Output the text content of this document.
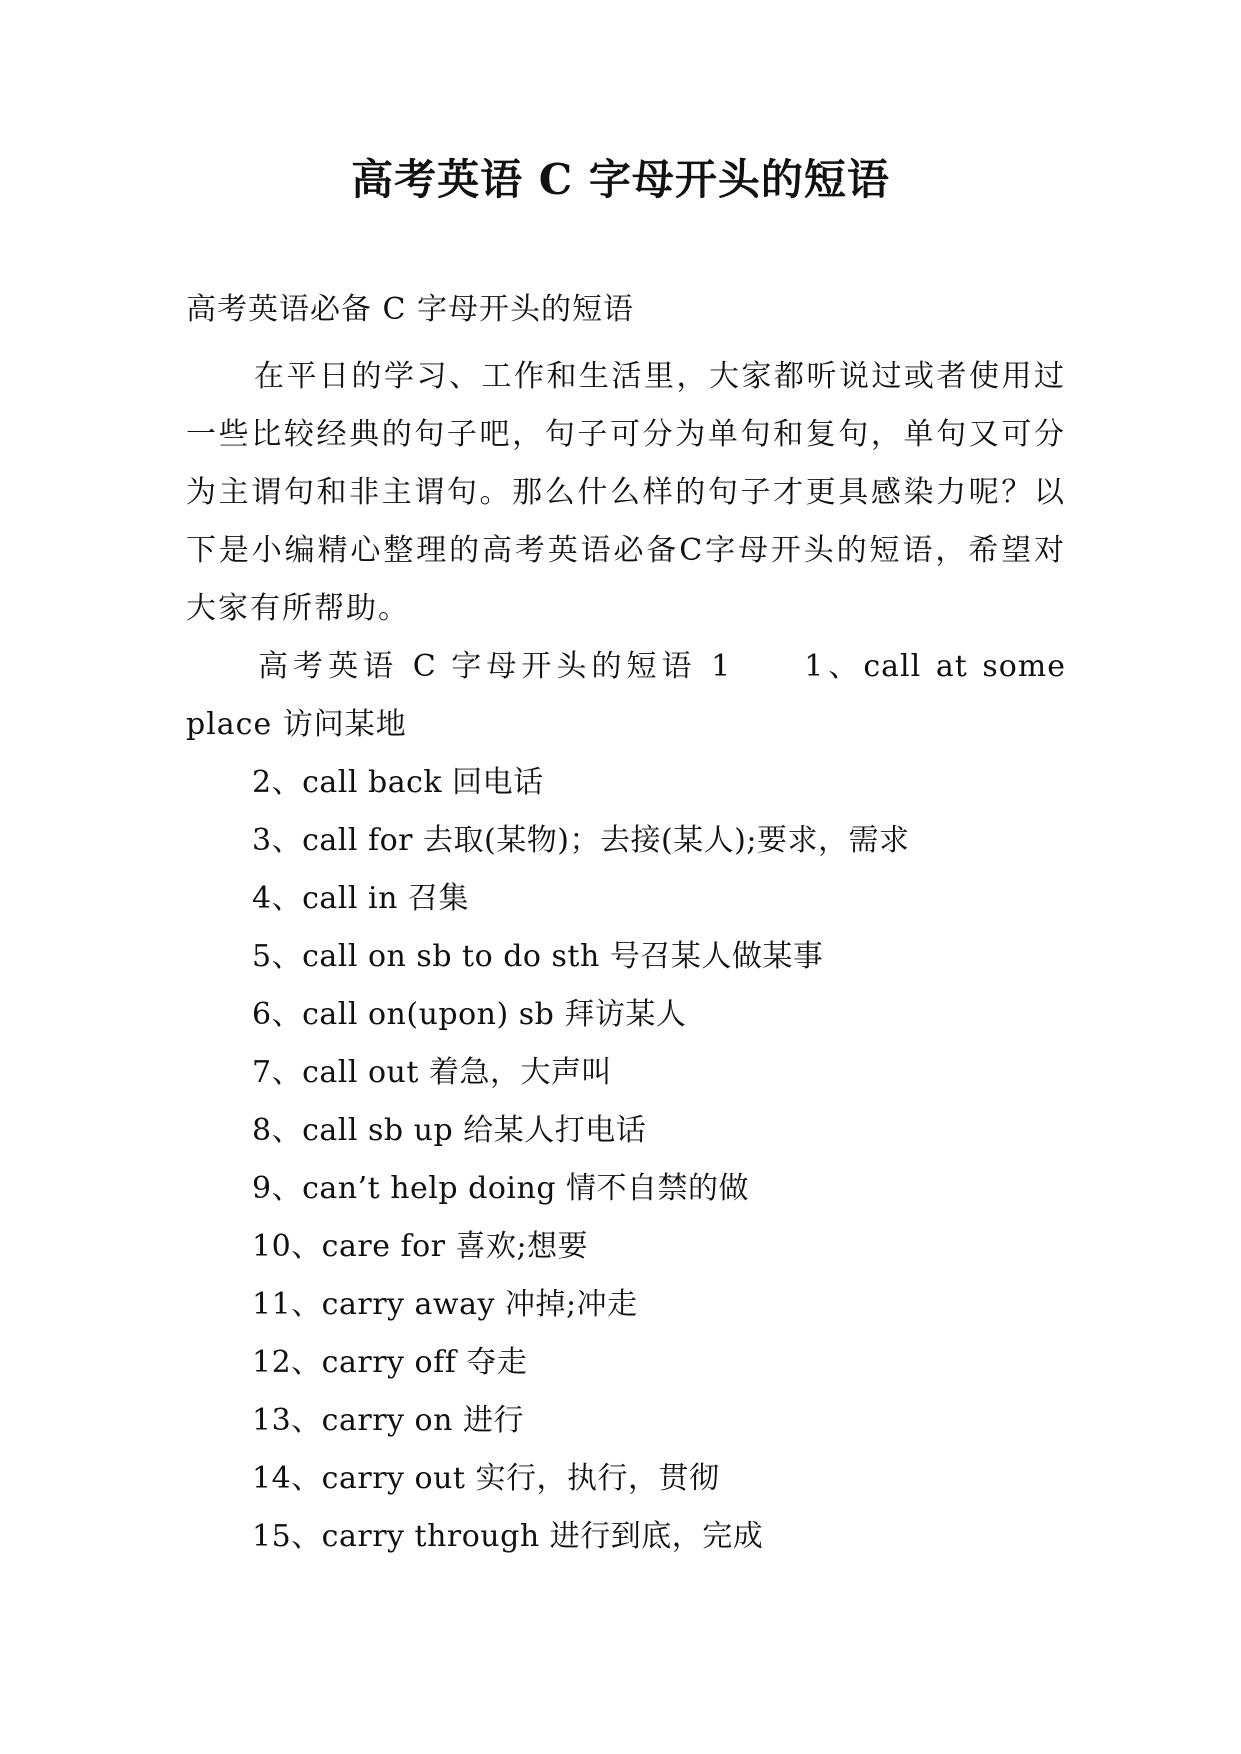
高考英语 C 字母开头的短语
高考英语必备 C 字母开头的短语

在平日的学习、工作和生活里，大家都听说过或者使用过一些比较经典的句子吧，句子可分为单句和复句，单句又可分为主谓句和非主谓句。那么什么样的句子才更具感染力呢？以下是小编精心整理的高考英语必备C字母开头的短语，希望对大家有所帮助。

高考英语 C 字母开头的短语 1 1、call at some place 访问某地

2、call back 回电话
3、call for 去取(某物)；去接(某人);要求，需求
4、call in 召集
5、call on sb to do sth 号召某人做某事
6、call on(upon) sb 拜访某人
7、call out 着急，大声叫
8、call sb up 给某人打电话
9、can’t help doing 情不自禁的做
10、care for 喜欢;想要
11、carry away 冲掉;冲走
12、carry off 夺走
13、carry on 进行
14、carry out 实行，执行，贯彻
15、carry through 进行到底，完成
